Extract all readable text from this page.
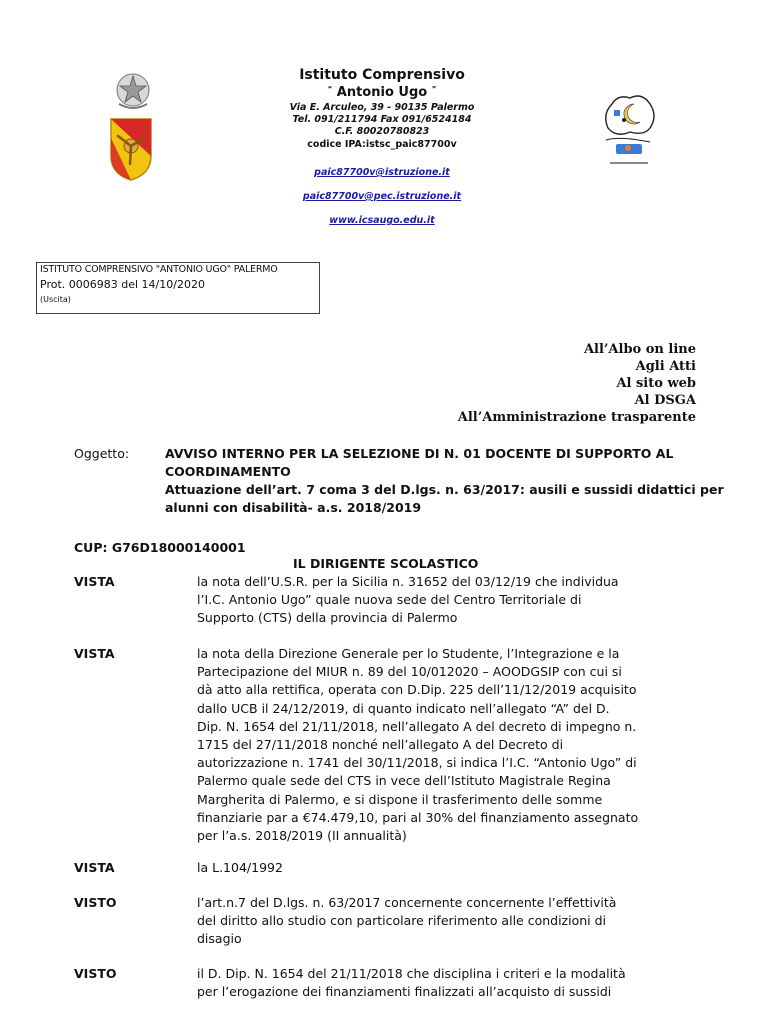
Istituto Comprensivo
“ Antonio Ugo ”
Via E. Arculeo, 39 - 90135 Palermo
Tel. 091/211794 Fax 091/6524184
C.F. 80020780823
codice IPA:istsc_paic87700v
paic87700v@istruzione.it
paic87700v@pec.istruzione.it
www.icsaugo.edu.it
ISTITUTO COMPRENSIVO "ANTONIO UGO" PALERMO
Prot. 0006983 del 14/10/2020
(Uscita)
All’Albo on line
Agli Atti
Al sito web
Al DSGA
All’Amministrazione trasparente
Oggetto:	AVVISO INTERNO PER LA SELEZIONE DI N. 01 DOCENTE DI SUPPORTO AL
COORDINAMENTO
Attuazione dell’art. 7 coma 3 del D.lgs. n. 63/2017: ausili e sussidi didattici per
alunni con disabilità- a.s. 2018/2019
CUP: G76D18000140001
IL DIRIGENTE SCOLASTICO
VISTA	la nota dell’U.S.R. per la Sicilia n. 31652 del 03/12/19 che individua
l’I.C. Antonio Ugo” quale nuova sede del Centro Territoriale di
Supporto (CTS) della provincia di Palermo
VISTA	la nota della Direzione Generale per lo Studente, l’Integrazione e la
Partecipazione del MIUR n. 89 del 10/012020 – AOODGSIP con cui si
dà atto alla rettifica, operata con D.Dip. 225 dell’11/12/2019 acquisito
dallo UCB il 24/12/2019, di quanto indicato nell’allegato “A” del D.
Dip. N. 1654 del 21/11/2018, nell’allegato A del decreto di impegno n.
1715 del 27/11/2018 nonché nell’allegato A del Decreto di
autorizzazione n. 1741 del 30/11/2018, si indica l’I.C. “Antonio Ugo” di
Palermo quale sede del CTS in vece dell’Istituto Magistrale Regina
Margherita di Palermo, e si dispone il trasferimento delle somme
finanziarie par a €74.479,10, pari al 30% del finanziamento assegnato
per l’a.s. 2018/2019 (II annualità)
VISTA	la L.104/1992
VISTO	l’art.n.7 del D.lgs. n. 63/2017 concernente concernente l’effettività
del diritto allo studio con particolare riferimento alle condizioni di
disagio
VISTO	il D. Dip. N. 1654 del 21/11/2018 che disciplina i criteri e la modalità
per l’erogazione dei finanziamenti finalizzati all’acquisto di sussidi
